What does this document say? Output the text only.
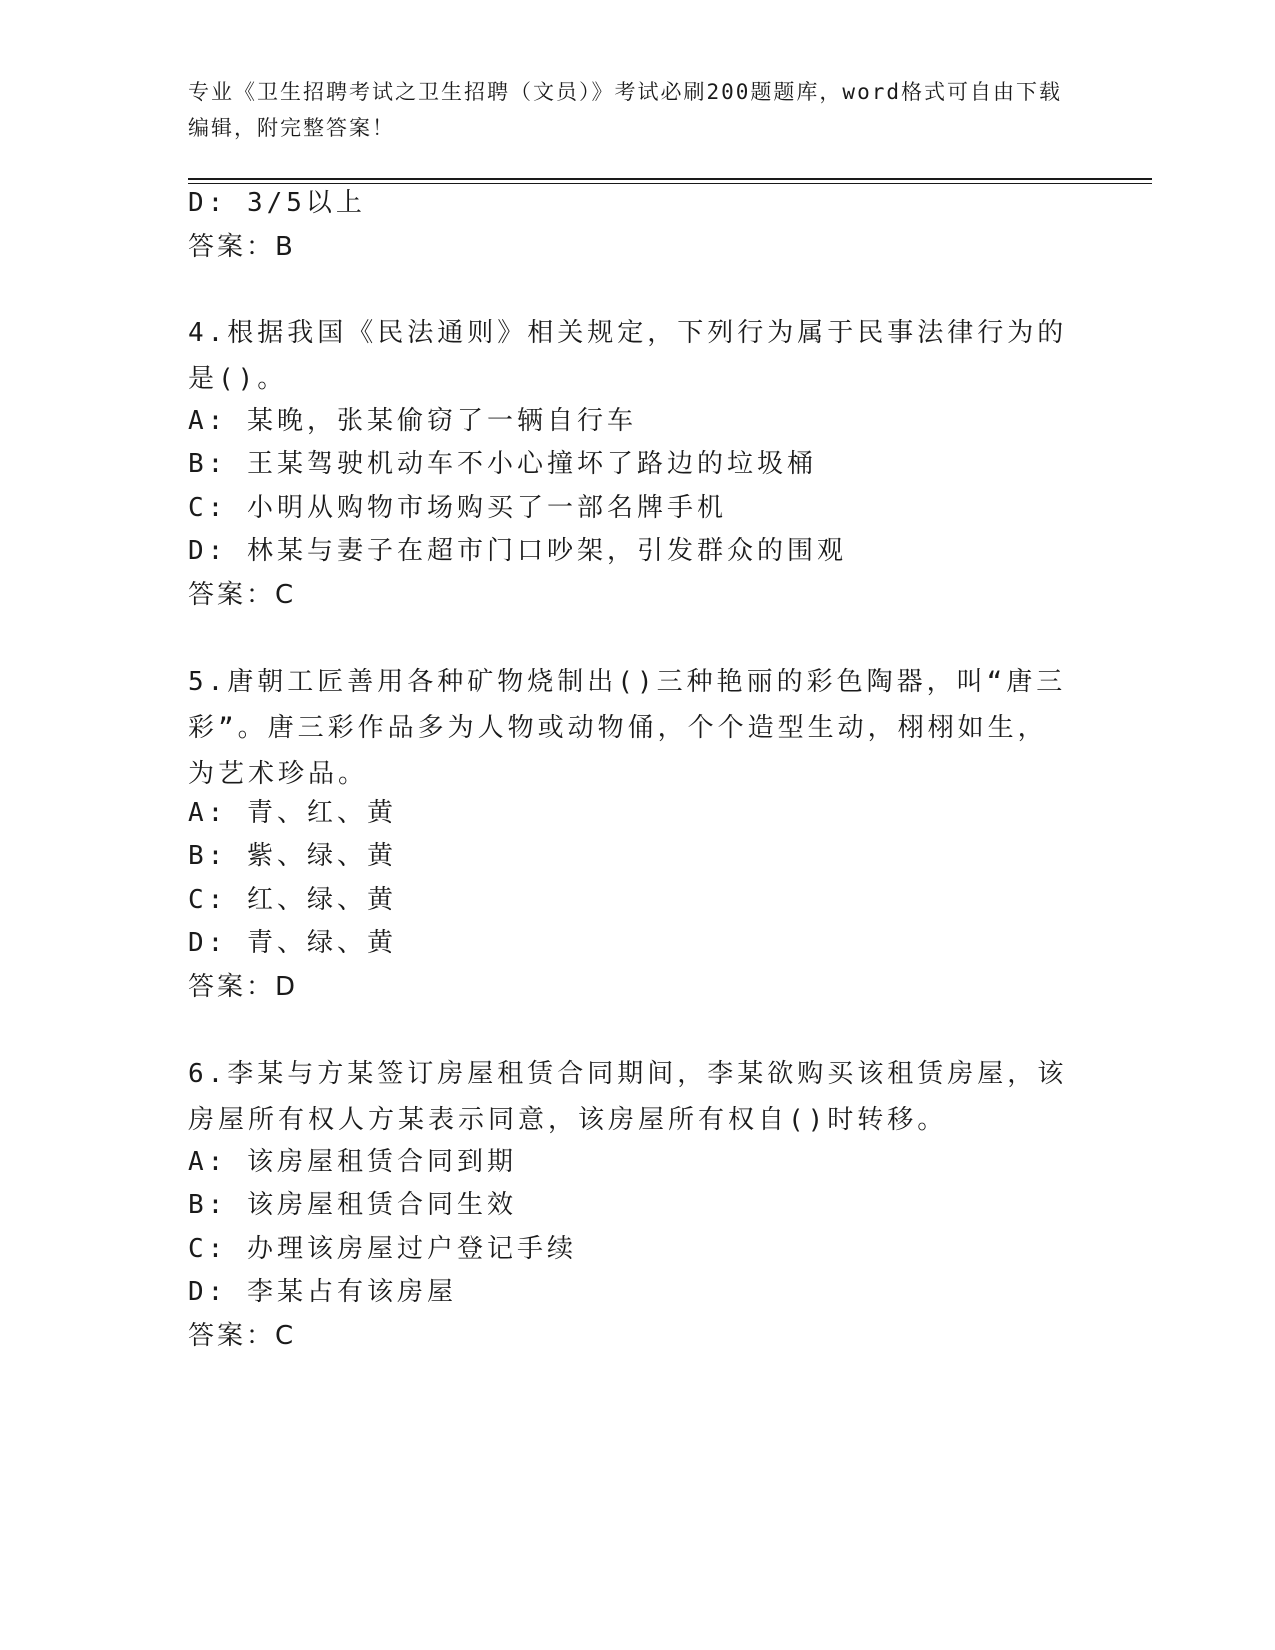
专业《卫生招聘考试之卫生招聘（文员）》考试必刷200题题库，word格式可自由下载编辑，附完整答案！
D: 3/5以上
答案：B
4.根据我国《民法通则》相关规定，下列行为属于民事法律行为的是()。
A: 某晚，张某偷窃了一辆自行车
B: 王某驾驶机动车不小心撞坏了路边的垃圾桶
C: 小明从购物市场购买了一部名牌手机
D: 林某与妻子在超市门口吵架，引发群众的围观
答案：C
5.唐朝工匠善用各种矿物烧制出()三种艳丽的彩色陶器，叫“唐三彩”。唐三彩作品多为人物或动物俑，个个造型生动，栩栩如生，为艺术珍品。
A: 青、红、黄
B: 紫、绿、黄
C: 红、绿、黄
D: 青、绿、黄
答案：D
6.李某与方某签订房屋租赁合同期间，李某欲购买该租赁房屋，该房屋所有权人方某表示同意，该房屋所有权自()时转移。
A: 该房屋租赁合同到期
B: 该房屋租赁合同生效
C: 办理该房屋过户登记手续
D: 李某占有该房屋
答案：C
